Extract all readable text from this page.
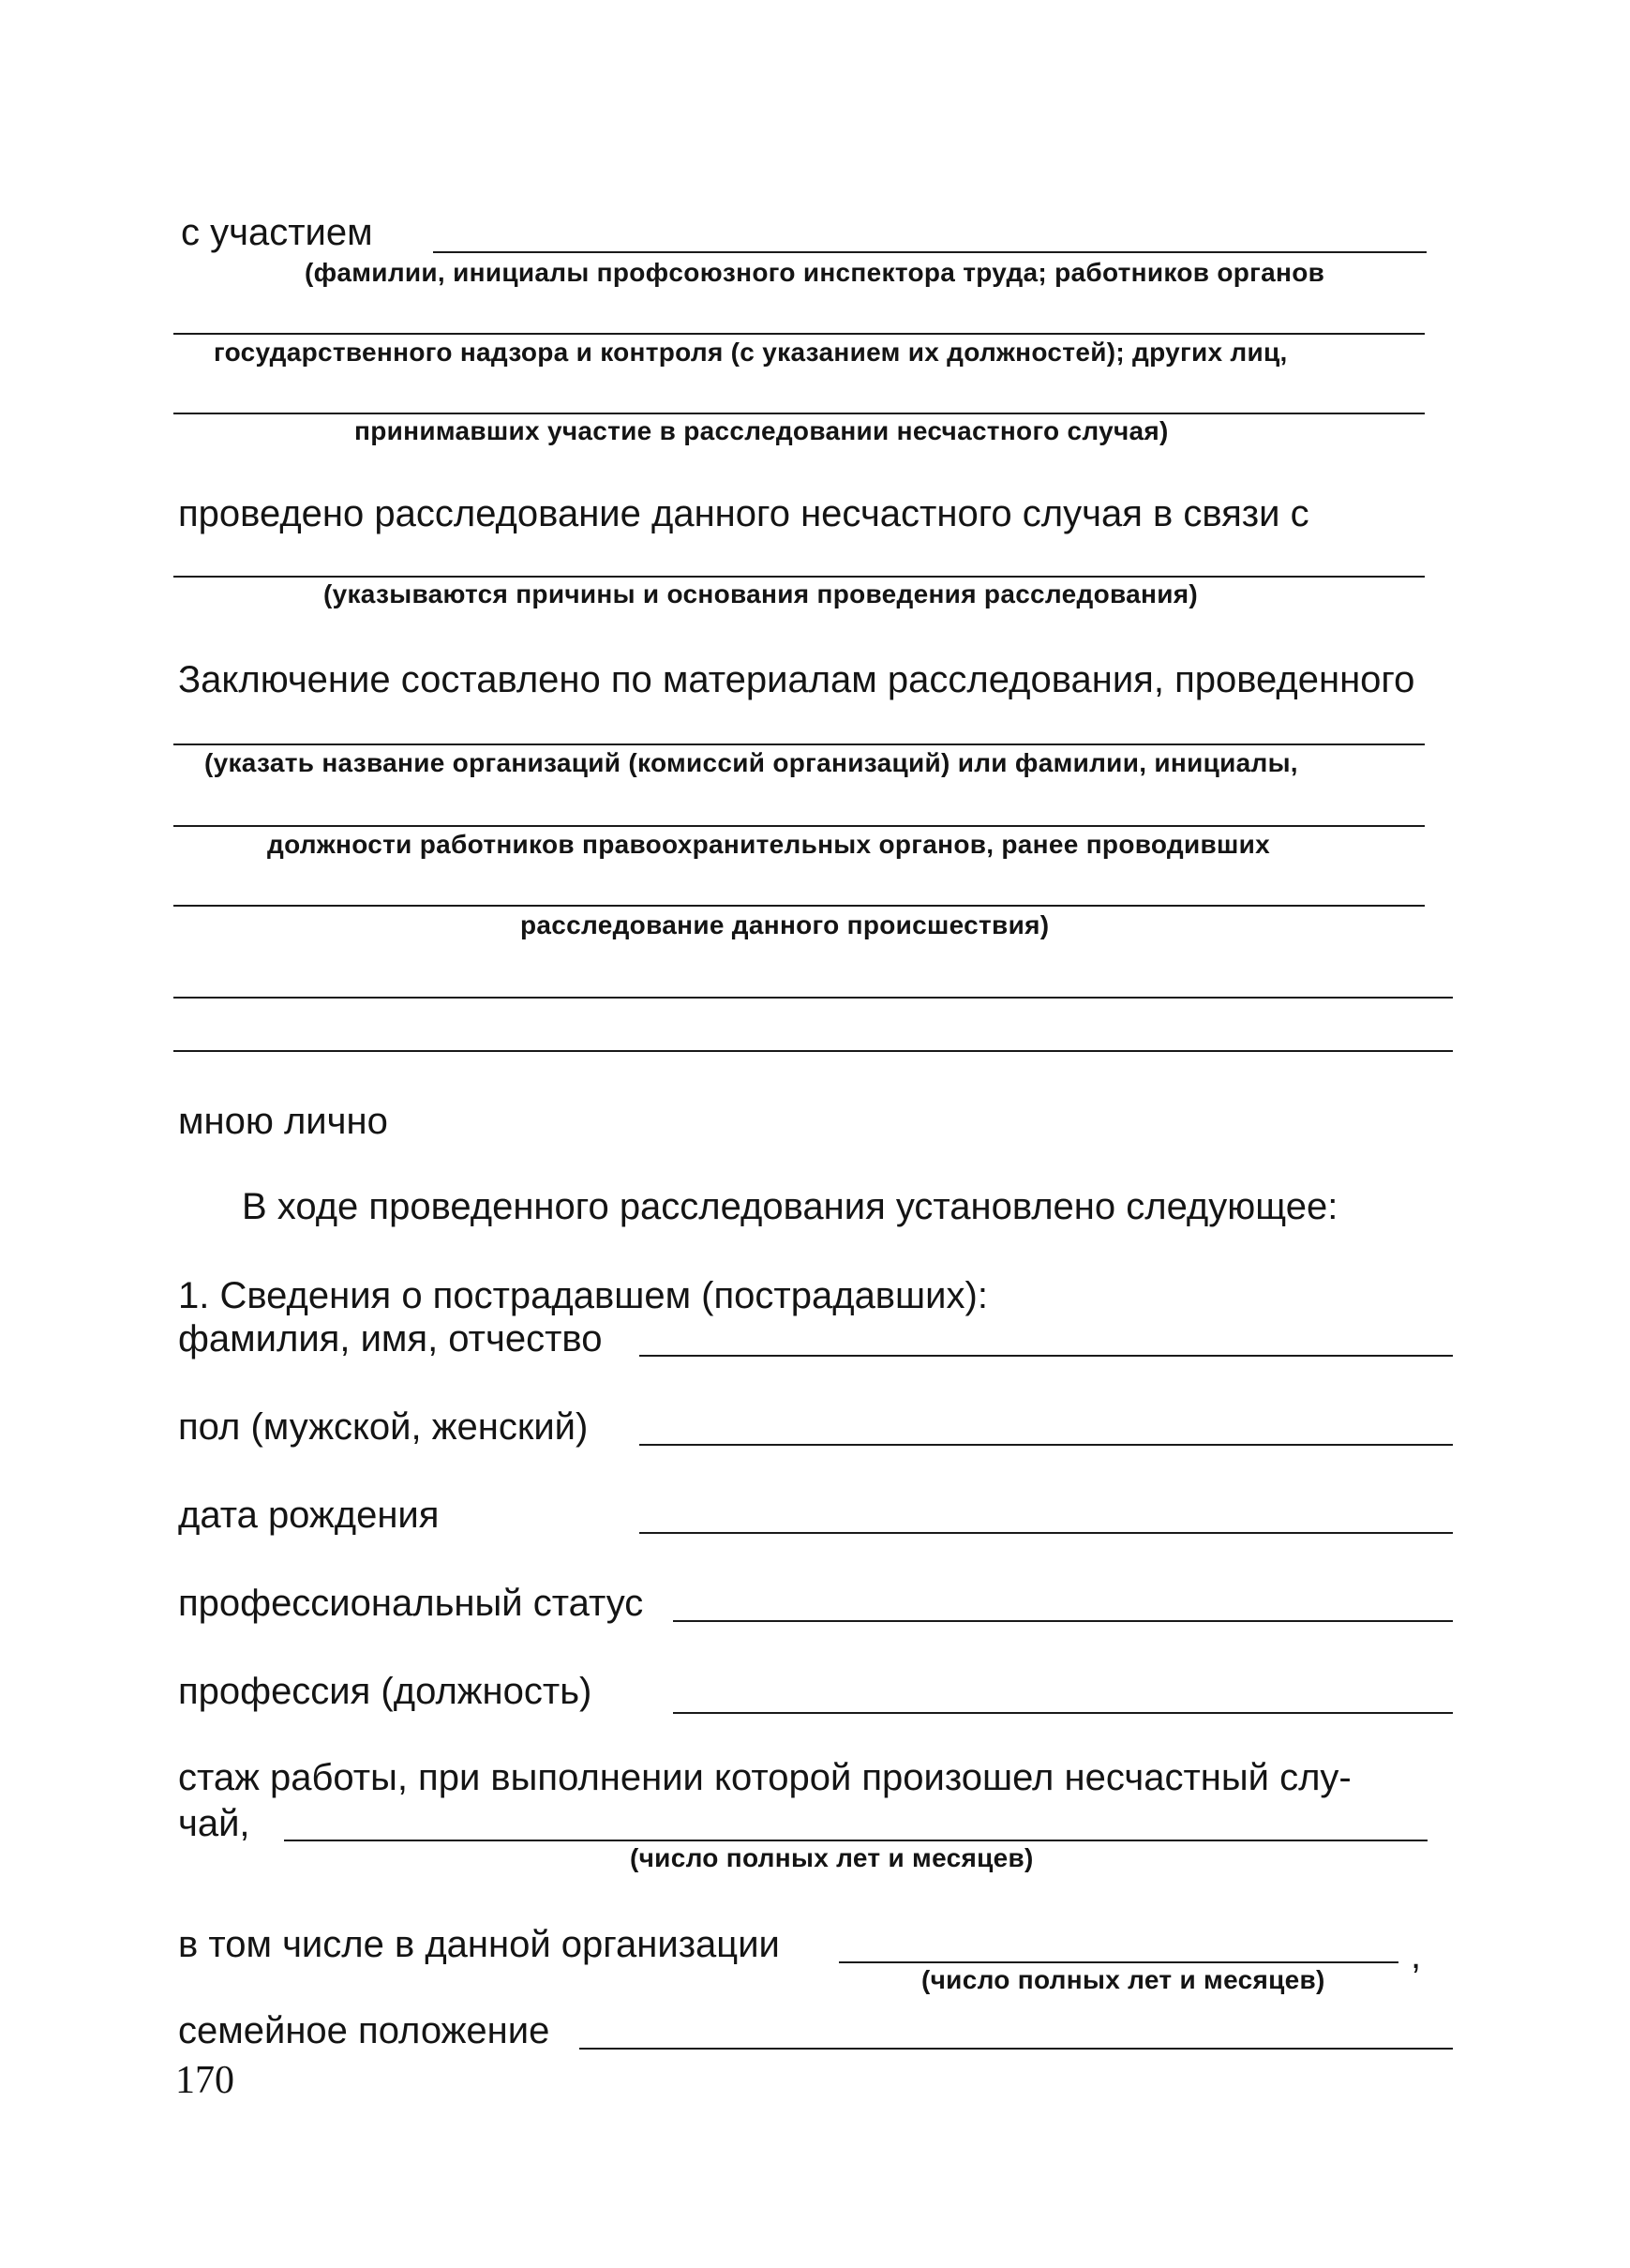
с участием
(фамилии, инициалы профсоюзного инспектора труда; работников органов
государственного надзора и контроля (с указанием их должностей); других лиц,
принимавших участие в расследовании несчастного случая)
проведено расследование данного несчастного случая в связи с
(указываются причины и основания проведения расследования)
Заключение составлено по материалам расследования, проведенного
(указать название организаций (комиссий организаций) или фамилии, инициалы,
должности работников правоохранительных органов, ранее проводивших
расследование данного происшествия)
мною лично
В ходе проведенного расследования установлено следующее:
1. Сведения о пострадавшем (пострадавших):
фамилия, имя, отчество
пол (мужской, женский)
дата рождения
профессиональный статус
профессия (должность)
стаж работы, при выполнении которой произошел несчастный слу-
чай,
(число полных лет и месяцев)
в том числе в данной организации	,
(число полных лет и месяцев)
семейное положение
170
